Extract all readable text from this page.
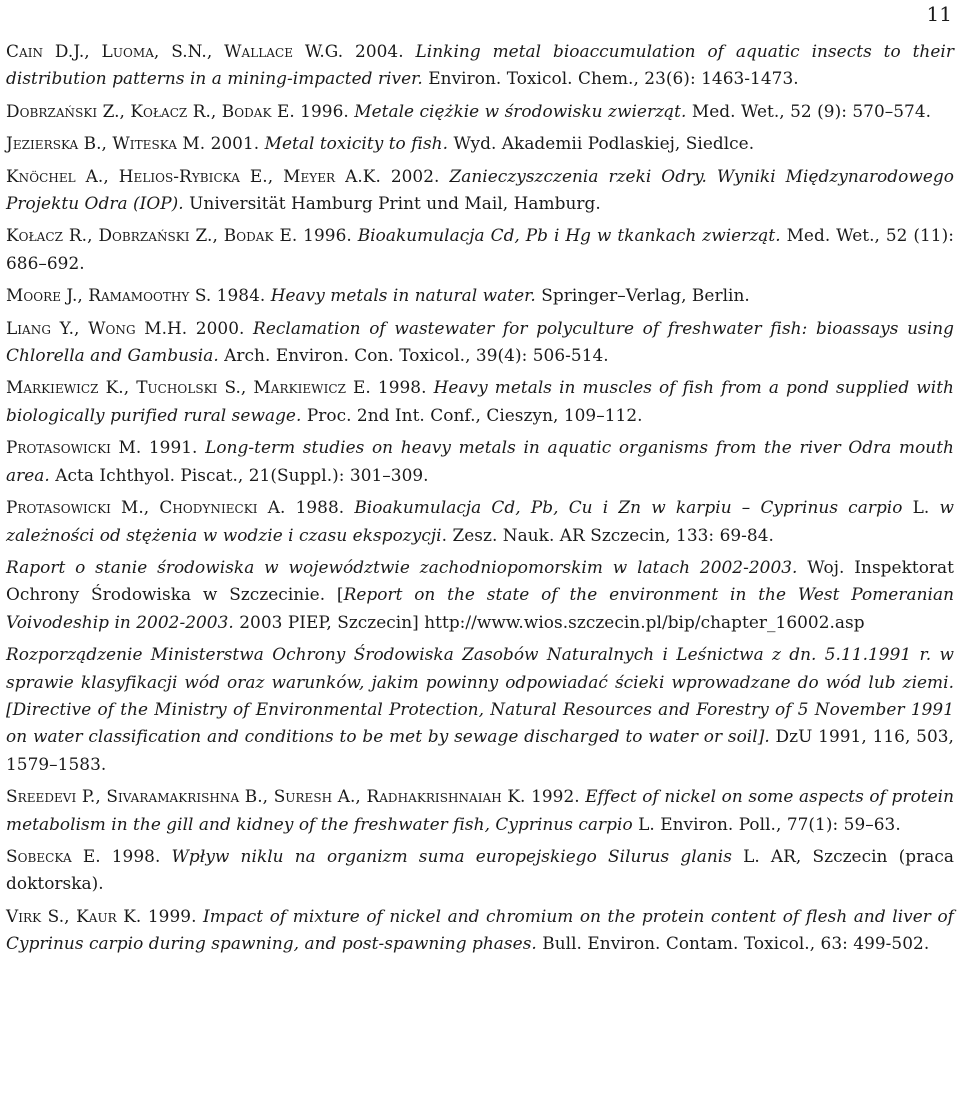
11

Cain D.J., Luoma, S.N., Wallace W.G. 2004. Linking metal bioaccumulation of aquatic insects to their distribution patterns in a mining-impacted river. Environ. Toxicol. Chem., 23(6): 1463-1473.

Dobrzański Z., Kołacz R., Bodak E. 1996. Metale ciężkie w środowisku zwierząt. Med. Wet., 52 (9): 570–574.

Jezierska B., Witeska M. 2001. Metal toxicity to fish. Wyd. Akademii Podlaskiej, Siedlce.

Knöchel A., Helios-Rybicka E., Meyer A.K. 2002. Zanieczyszczenia rzeki Odry. Wyniki Międzynarodowego Projektu Odra (IOP). Universität Hamburg Print und Mail, Hamburg.

Kołacz R., Dobrzański Z., Bodak E. 1996. Bioakumulacja Cd, Pb i Hg w tkankach zwierząt. Med. Wet., 52 (11): 686–692.

Moore J., Ramamoothy S. 1984. Heavy metals in natural water. Springer–Verlag, Berlin.

Liang Y., Wong M.H. 2000. Reclamation of wastewater for polyculture of freshwater fish: bioassays using Chlorella and Gambusia. Arch. Environ. Con. Toxicol., 39(4): 506-514.

Markiewicz K., Tucholski S., Markiewicz E. 1998. Heavy metals in muscles of fish from a pond supplied with biologically purified rural sewage. Proc. 2nd Int. Conf., Cieszyn, 109–112.

Protasowicki M. 1991. Long-term studies on heavy metals in aquatic organisms from the river Odra mouth area. Acta Ichthyol. Piscat., 21(Suppl.): 301–309.

Protasowicki M., Chodyniecki A. 1988. Bioakumulacja Cd, Pb, Cu i Zn w karpiu – Cyprinus carpio L. w zależności od stężenia w wodzie i czasu ekspozycji. Zesz. Nauk. AR Szczecin, 133: 69-84.

Raport o stanie środowiska w województwie zachodniopomorskim w latach 2002-2003. Woj. Inspektorat Ochrony Środowiska w Szczecinie. [Report on the state of the environment in the West Pomeranian Voivodeship in 2002-2003. 2003 PIEP, Szczecin] http://www.wios.szczecin.pl/bip/chapter_16002.asp

Rozporządzenie Ministerstwa Ochrony Środowiska Zasobów Naturalnych i Leśnictwa z dn. 5.11.1991 r. w sprawie klasyfikacji wód oraz warunków, jakim powinny odpowiadać ścieki wprowadzane do wód lub ziemi. [Directive of the Ministry of Environmental Protection, Natural Resources and Forestry of 5 November 1991 on water classification and conditions to be met by sewage discharged to water or soil]. DzU 1991, 116, 503, 1579–1583.

Sreedevi P., Sivaramakrishna B., Suresh A., Radhakrishnaiah K. 1992. Effect of nickel on some aspects of protein metabolism in the gill and kidney of the freshwater fish, Cyprinus carpio L. Environ. Poll., 77(1): 59–63.

Sobecka E. 1998. Wpływ niklu na organizm suma europejskiego Silurus glanis L. AR, Szczecin (praca doktorska).

Virk S., Kaur K. 1999. Impact of mixture of nickel and chromium on the protein content of flesh and liver of Cyprinus carpio during spawning, and post-spawning phases. Bull. Environ. Contam. Toxicol., 63: 499-502.
